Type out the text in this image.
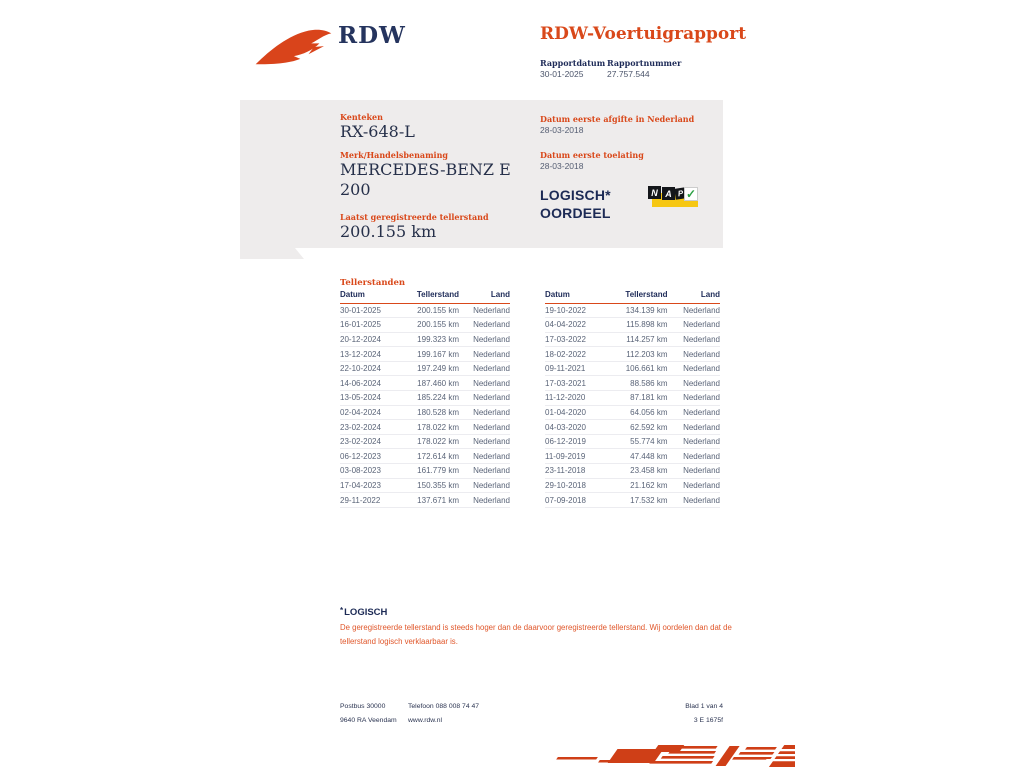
RDW	RDW-Voertuigrapport
Rapportdatum
30-01-2025
Rapportnummer
27.757.544
Kenteken
RX-648-L
Merk/Handelsbenaming
MERCEDES-BENZ E 200
Laatst geregistreerde tellerstand
200.155 km
Datum eerste afgifte in Nederland
28-03-2018
Datum eerste toelating
28-03-2018
LOGISCH*
OORDEEL
N A P ✓
Tellerstanden
Datum	Tellerstand	Land
30-01-2025	200.155 km	Nederland
16-01-2025	200.155 km	Nederland
20-12-2024	199.323 km	Nederland
13-12-2024	199.167 km	Nederland
22-10-2024	197.249 km	Nederland
14-06-2024	187.460 km	Nederland
13-05-2024	185.224 km	Nederland
02-04-2024	180.528 km	Nederland
23-02-2024	178.022 km	Nederland
23-02-2024	178.022 km	Nederland
06-12-2023	172.614 km	Nederland
03-08-2023	161.779 km	Nederland
17-04-2023	150.355 km	Nederland
29-11-2022	137.671 km	Nederland
Datum	Tellerstand	Land
19-10-2022	134.139 km	Nederland
04-04-2022	115.898 km	Nederland
17-03-2022	114.257 km	Nederland
18-02-2022	112.203 km	Nederland
09-11-2021	106.661 km	Nederland
17-03-2021	88.586 km	Nederland
11-12-2020	87.181 km	Nederland
01-04-2020	64.056 km	Nederland
04-03-2020	62.592 km	Nederland
06-12-2019	55.774 km	Nederland
11-09-2019	47.448 km	Nederland
23-11-2018	23.458 km	Nederland
29-10-2018	21.162 km	Nederland
07-09-2018	17.532 km	Nederland
*LOGISCH
De geregistreerde tellerstand is steeds hoger dan de daarvoor geregistreerde tellerstand. Wij oordelen dan dat de tellerstand logisch verklaarbaar is.
Postbus 30000
9640 RA Veendam
Telefoon 088 008 74 47
www.rdw.nl
Blad 1 van 4
3 E 1675f
